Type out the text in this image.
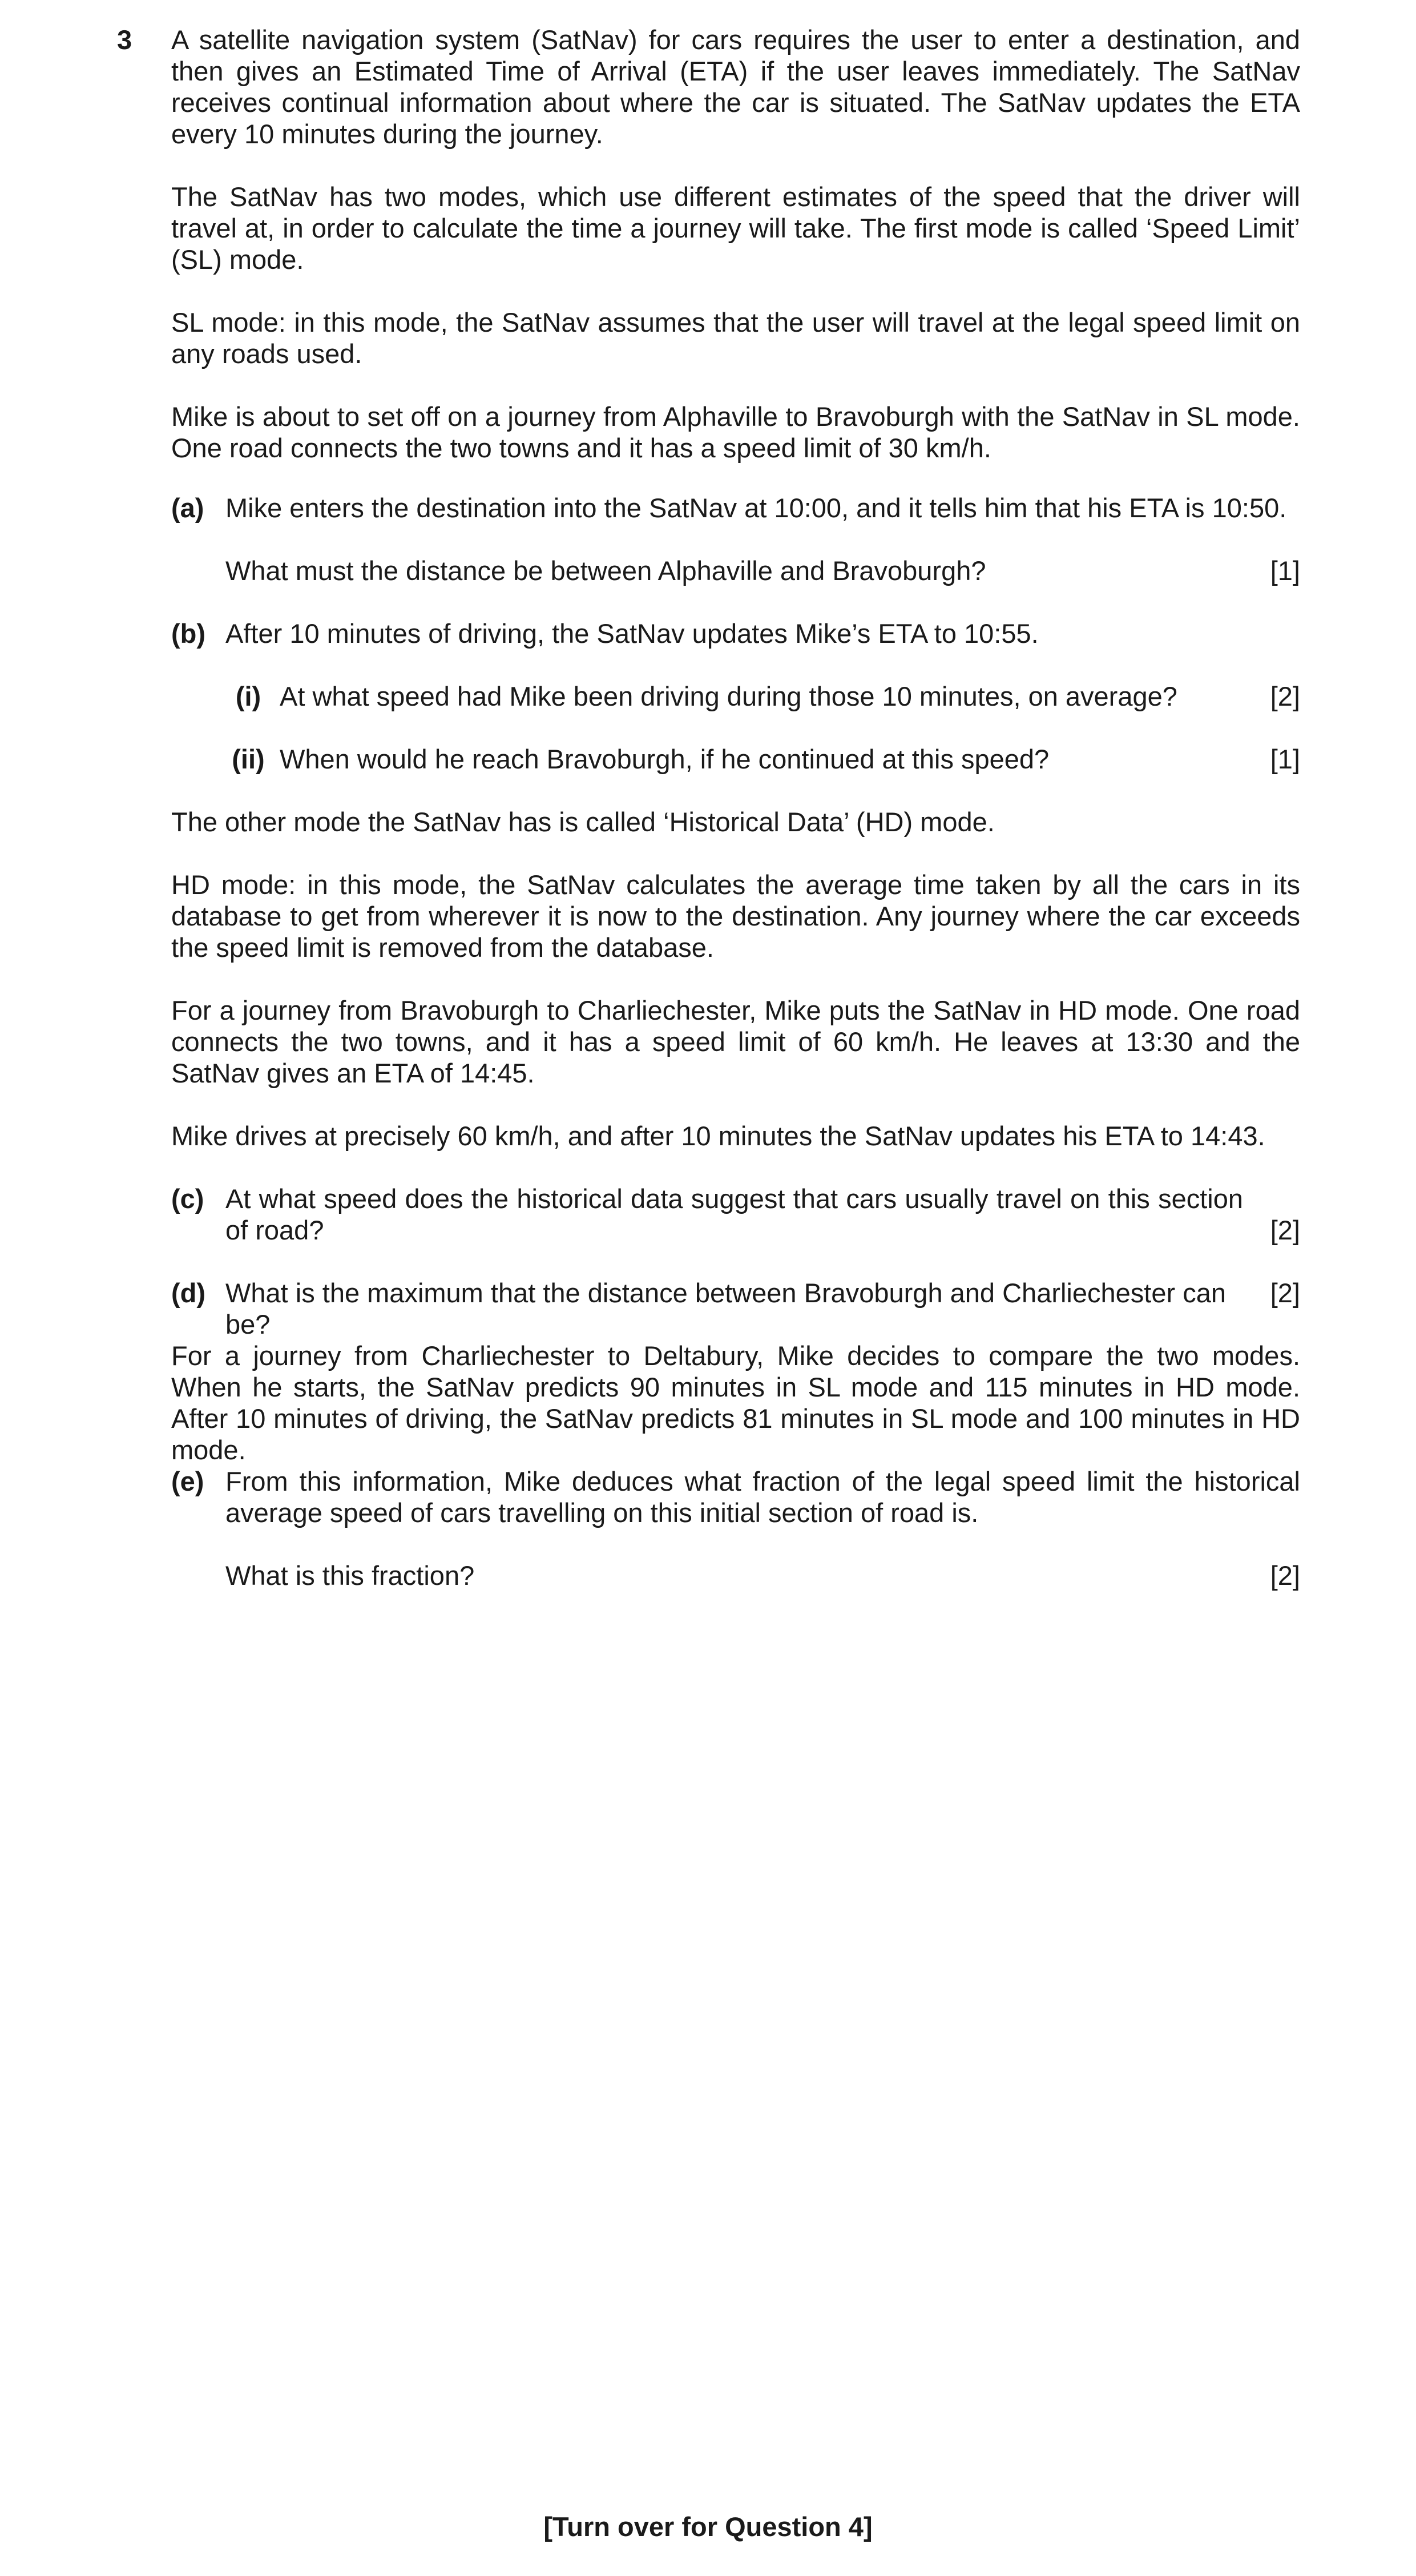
3 A satellite navigation system (SatNav) for cars requires the user to enter a destination, and then gives an Estimated Time of Arrival (ETA) if the user leaves immediately. The SatNav receives continual information about where the car is situated. The SatNav updates the ETA every 10 minutes during the journey.

The SatNav has two modes, which use different estimates of the speed that the driver will travel at, in order to calculate the time a journey will take. The first mode is called ‘Speed Limit’ (SL) mode.

SL mode: in this mode, the SatNav assumes that the user will travel at the legal speed limit on any roads used.

Mike is about to set off on a journey from Alphaville to Bravoburgh with the SatNav in SL mode. One road connects the two towns and it has a speed limit of 30 km/h.

(a) Mike enters the destination into the SatNav at 10:00, and it tells him that his ETA is 10:50.
What must the distance be between Alphaville and Bravoburgh?	[1]
(b) After 10 minutes of driving, the SatNav updates Mike’s ETA to 10:55.
(i) At what speed had Mike been driving during those 10 minutes, on average?	[2]
(ii) When would he reach Bravoburgh, if he continued at this speed?	[1]

The other mode the SatNav has is called ‘Historical Data’ (HD) mode.

HD mode: in this mode, the SatNav calculates the average time taken by all the cars in its database to get from wherever it is now to the destination. Any journey where the car exceeds the speed limit is removed from the database.

For a journey from Bravoburgh to Charliechester, Mike puts the SatNav in HD mode. One road connects the two towns, and it has a speed limit of 60 km/h. He leaves at 13:30 and the SatNav gives an ETA of 14:45.

Mike drives at precisely 60 km/h, and after 10 minutes the SatNav updates his ETA to 14:43.

(c) At what speed does the historical data suggest that cars usually travel on this section of road?	[2]
(d) What is the maximum that the distance between Bravoburgh and Charliechester can be?
[2]

For a journey from Charliechester to Deltabury, Mike decides to compare the two modes. When he starts, the SatNav predicts 90 minutes in SL mode and 115 minutes in HD mode. After 10 minutes of driving, the SatNav predicts 81 minutes in SL mode and 100 minutes in HD mode.

(e) From this information, Mike deduces what fraction of the legal speed limit the historical average speed of cars travelling on this initial section of road is.

What is this fraction?	[2]

[Turn over for Question 4]
